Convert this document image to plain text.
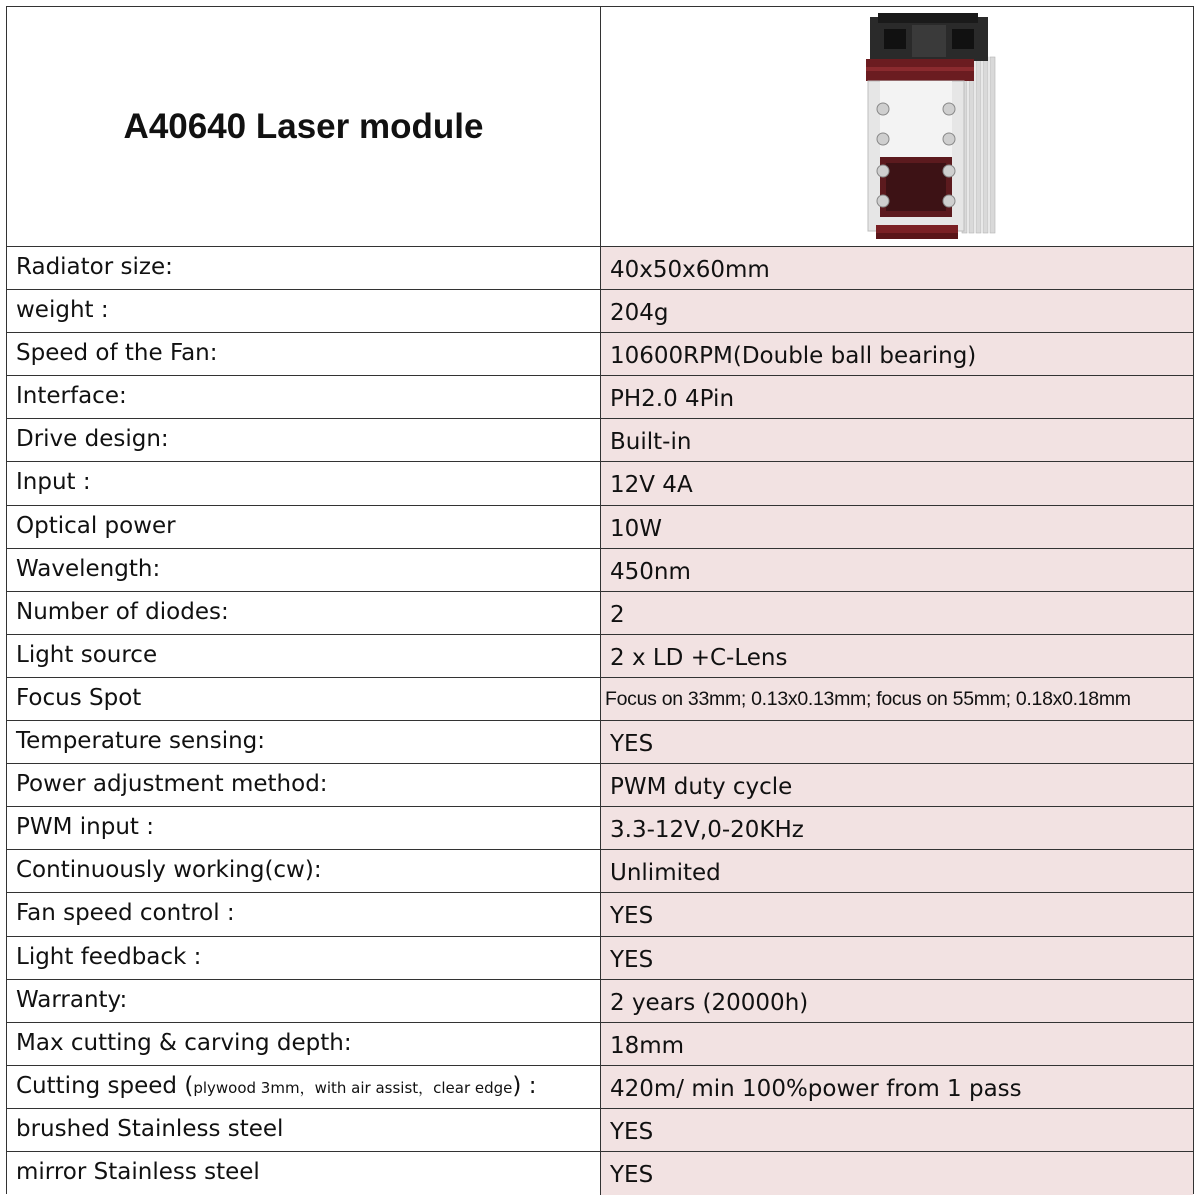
A40640 Laser module
Radiator size:	40x50x60mm
weight :	204g
Speed of the Fan:	10600RPM(Double ball bearing)
Interface:	PH2.0 4Pin
Drive design:	Built-in
Input :	12V 4A
Optical power	10W
Wavelength:	450nm
Number of diodes:	2
Light source	2 x LD +C-Lens
Focus Spot	Focus on 33mm; 0.13x0.13mm; focus on 55mm; 0.18x0.18mm
Temperature sensing:	YES
Power adjustment method:	PWM duty cycle
PWM input :	3.3-12V,0-20KHz
Continuously working(cw):	Unlimited
Fan speed control :	YES
Light feedback :	YES
Warranty:	2 years (20000h)
Max cutting & carving depth:	18mm
Cutting speed (plywood 3mm，with air assist，clear edge) :	420m/ min 100%power from 1 pass
brushed Stainless steel	YES
mirror Stainless steel	YES
